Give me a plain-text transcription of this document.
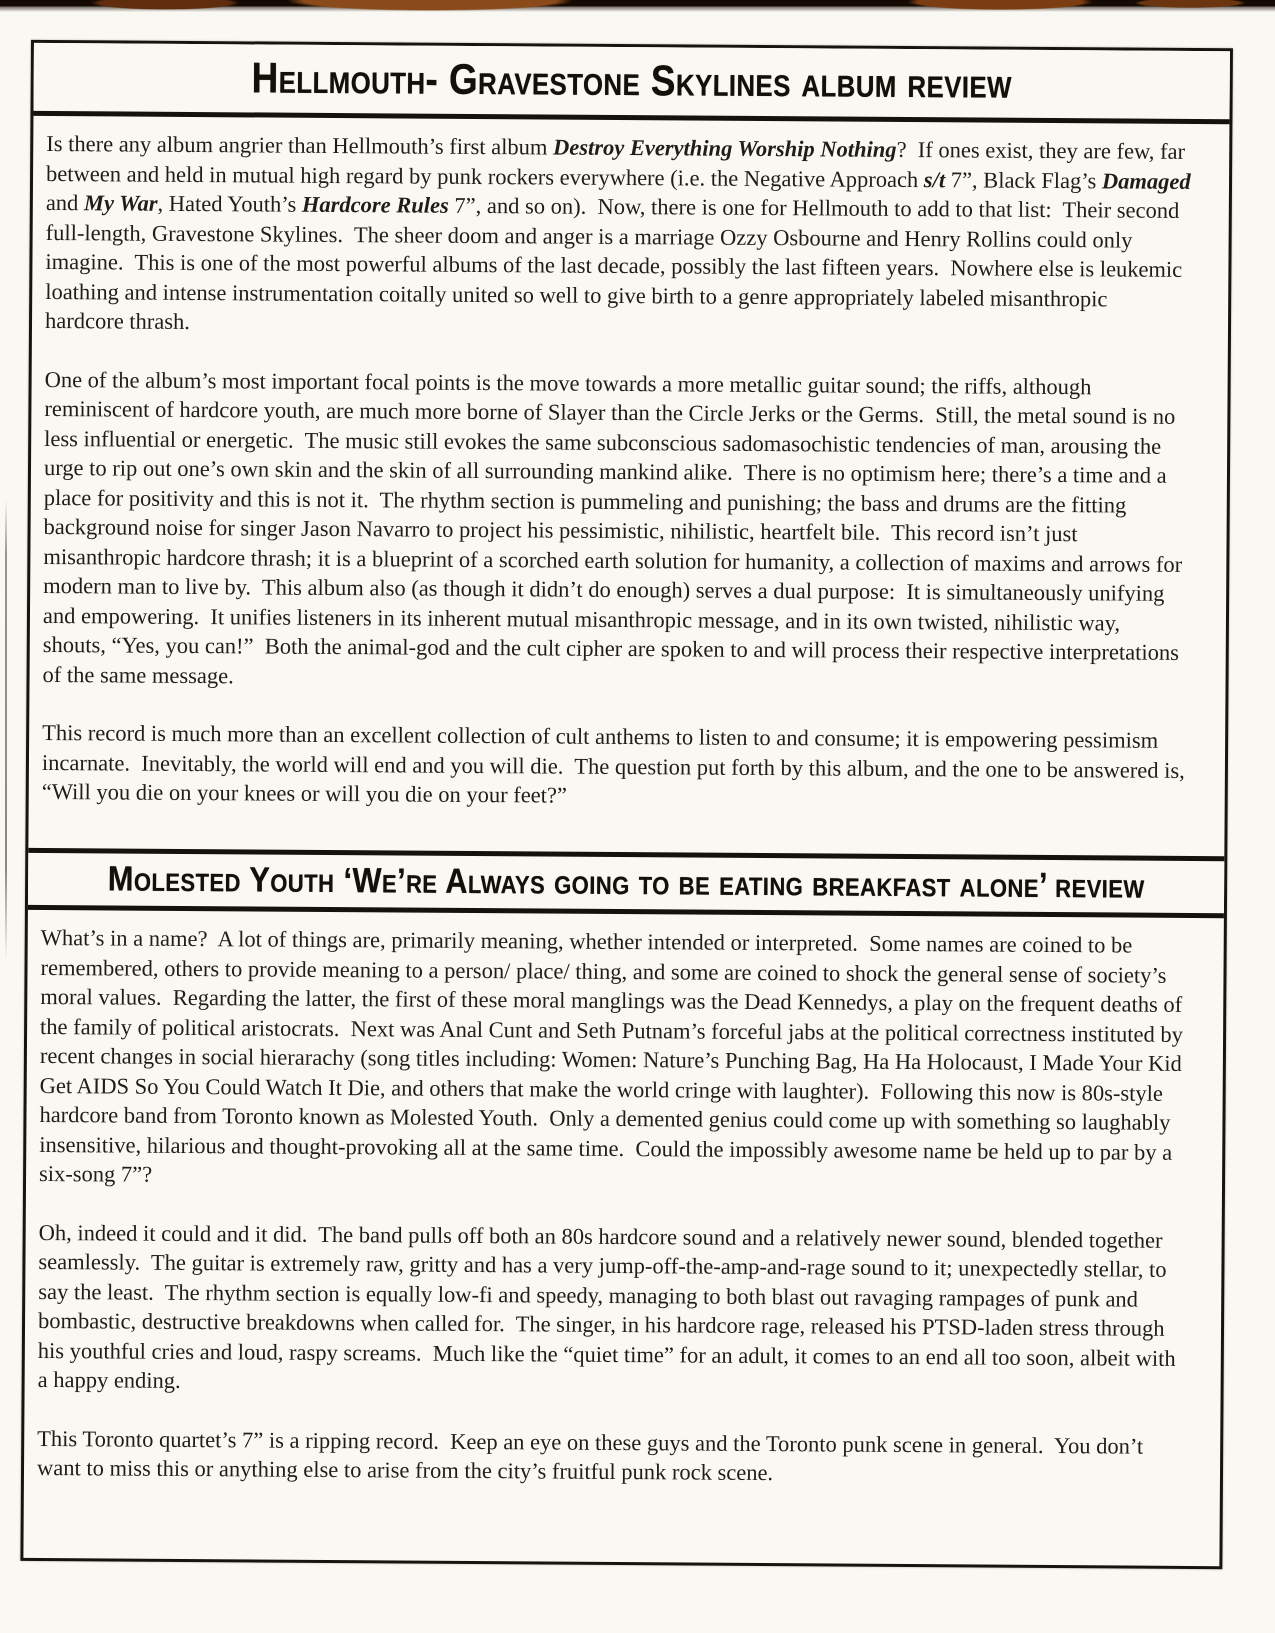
Hellmouth- Gravestone Skylines album review

Is there any album angrier than Hellmouth’s first album Destroy Everything Worship Nothing?  If ones exist, they are few, far between and held in mutual high regard by punk rockers everywhere (i.e. the Negative Approach s/t 7”, Black Flag’s Damaged and My War, Hated Youth’s Hardcore Rules 7”, and so on).  Now, there is one for Hellmouth to add to that list:  Their second full-length, Gravestone Skylines.  The sheer doom and anger is a marriage Ozzy Osbourne and Henry Rollins could only imagine.  This is one of the most powerful albums of the last decade, possibly the last fifteen years.  Nowhere else is leukemic loathing and intense instrumentation coitally united so well to give birth to a genre appropriately labeled misanthropic hardcore thrash.

One of the album’s most important focal points is the move towards a more metallic guitar sound; the riffs, although reminiscent of hardcore youth, are much more borne of Slayer than the Circle Jerks or the Germs.  Still, the metal sound is no less influential or energetic.  The music still evokes the same subconscious sadomasochistic tendencies of man, arousing the urge to rip out one’s own skin and the skin of all surrounding mankind alike.  There is no optimism here; there’s a time and a place for positivity and this is not it.  The rhythm section is pummeling and punishing; the bass and drums are the fitting background noise for singer Jason Navarro to project his pessimistic, nihilistic, heartfelt bile.  This record isn’t just misanthropic hardcore thrash; it is a blueprint of a scorched earth solution for humanity, a collection of maxims and arrows for modern man to live by.  This album also (as though it didn’t do enough) serves a dual purpose:  It is simultaneously unifying and empowering.  It unifies listeners in its inherent mutual misanthropic message, and in its own twisted, nihilistic way, shouts, “Yes, you can!”  Both the animal-god and the cult cipher are spoken to and will process their respective interpretations of the same message.

This record is much more than an excellent collection of cult anthems to listen to and consume; it is empowering pessimism incarnate.  Inevitably, the world will end and you will die.  The question put forth by this album, and the one to be answered is, “Will you die on your knees or will you die on your feet?”

Molested Youth ‘We’re Always going to be eating breakfast alone’ review

What’s in a name?  A lot of things are, primarily meaning, whether intended or interpreted.  Some names are coined to be remembered, others to provide meaning to a person/ place/ thing, and some are coined to shock the general sense of society’s moral values.  Regarding the latter, the first of these moral manglings was the Dead Kennedys, a play on the frequent deaths of the family of political aristocrats.  Next was Anal Cunt and Seth Putnam’s forceful jabs at the political correctness instituted by recent changes in social hierarachy (song titles including: Women: Nature’s Punching Bag, Ha Ha Holocaust, I Made Your Kid Get AIDS So You Could Watch It Die, and others that make the world cringe with laughter).  Following this now is 80s-style hardcore band from Toronto known as Molested Youth.  Only a demented genius could come up with something so laughably insensitive, hilarious and thought-provoking all at the same time.  Could the impossibly awesome name be held up to par by a six-song 7”?

Oh, indeed it could and it did.  The band pulls off both an 80s hardcore sound and a relatively newer sound, blended together seamlessly.  The guitar is extremely raw, gritty and has a very jump-off-the-amp-and-rage sound to it; unexpectedly stellar, to say the least.  The rhythm section is equally low-fi and speedy, managing to both blast out ravaging rampages of punk and bombastic, destructive breakdowns when called for.  The singer, in his hardcore rage, released his PTSD-laden stress through his youthful cries and loud, raspy screams.  Much like the “quiet time” for an adult, it comes to an end all too soon, albeit with a happy ending.

This Toronto quartet’s 7” is a ripping record.  Keep an eye on these guys and the Toronto punk scene in general.  You don’t want to miss this or anything else to arise from the city’s fruitful punk rock scene.
